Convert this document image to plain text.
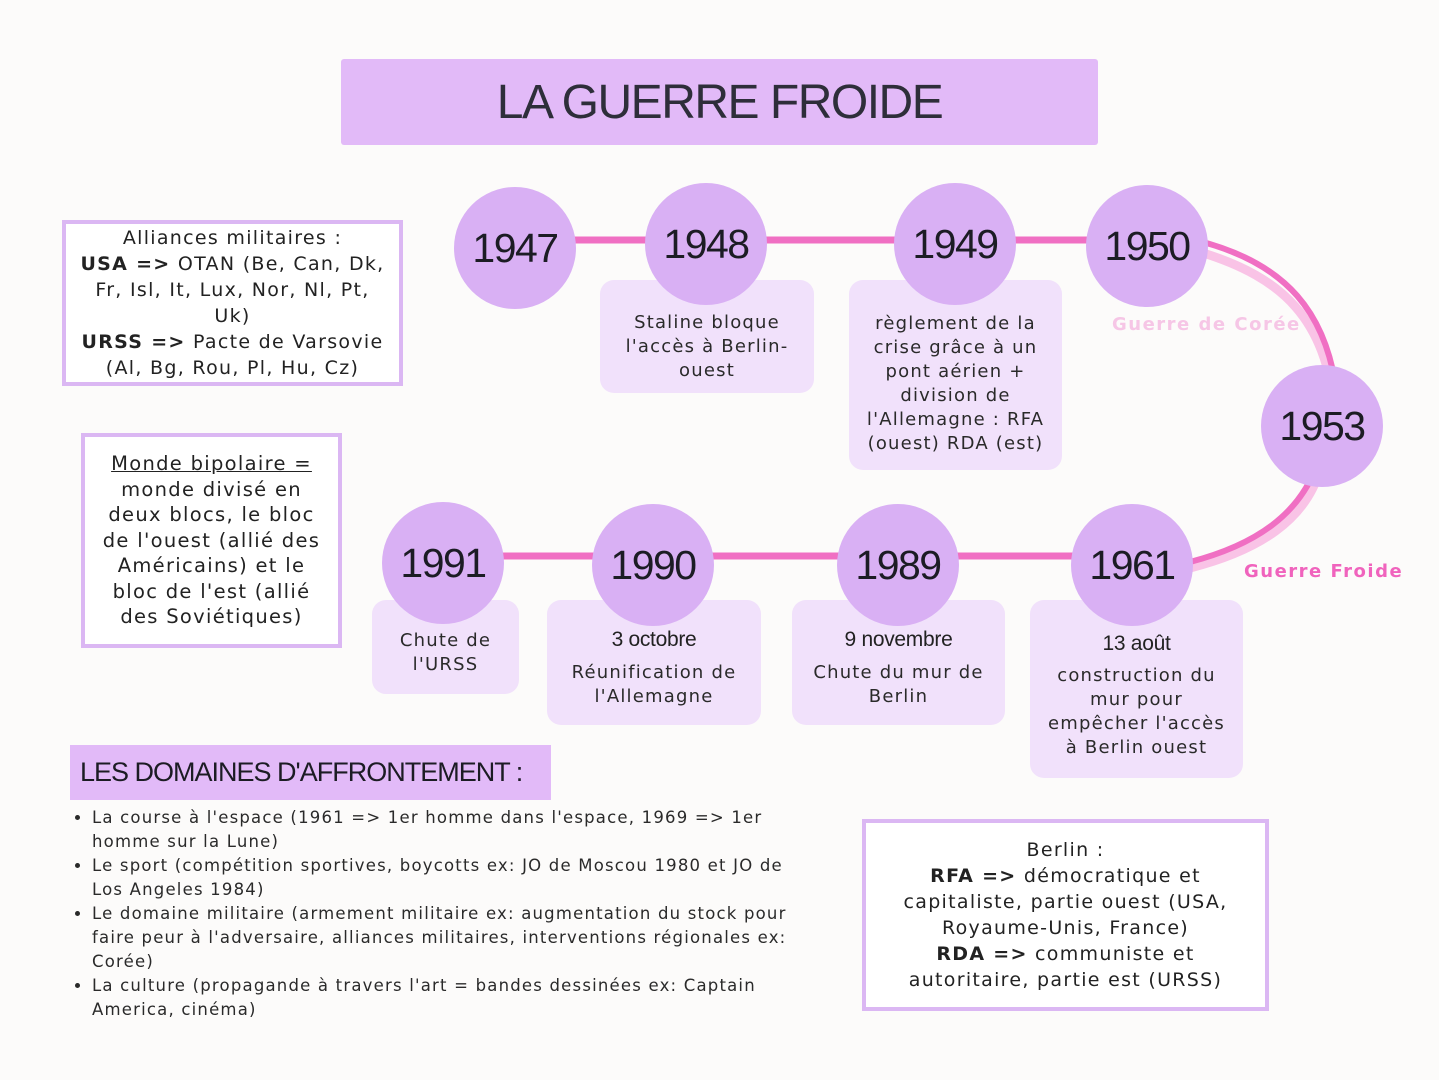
LA GUERRE FROIDE
Alliances militaires :
USA => OTAN (Be, Can, Dk, Fr, Isl, It, Lux, Nor, Nl, Pt, Uk)
URSS => Pacte de Varsovie (Al, Bg, Rou, Pl, Hu, Cz)
Monde bipolaire =
monde divisé en deux blocs, le bloc de l'ouest (allié des Américains) et le bloc de l'est (allié des Soviétiques)
Staline bloque l'accès à Berlin-ouest
règlement de la crise grâce à un pont aérien + division de l'Allemagne : RFA (ouest) RDA (est)
Chute de l'URSS
3 octobre
Réunification de l'Allemagne
9 novembre
Chute du mur de Berlin
13 août
construction du mur pour empêcher l'accès à Berlin ouest
1947	1948	1949	1950
1953
1961
1989
1990
1991
Guerre de Corée
Guerre Froide
LES DOMAINES D'AFFRONTEMENT :
• La course à l'espace (1961 => 1er homme dans l'espace, 1969 => 1er homme sur la Lune)
• Le sport (compétition sportives, boycotts ex: JO de Moscou 1980 et JO de Los Angeles 1984)
• Le domaine militaire (armement militaire ex: augmentation du stock pour faire peur à l'adversaire, alliances militaires, interventions régionales ex: Corée)
• La culture (propagande à travers l'art = bandes dessinées ex: Captain America, cinéma)
Berlin :
RFA => démocratique et capitaliste, partie ouest (USA, Royaume-Unis, France)
RDA => communiste et autoritaire, partie est (URSS)
